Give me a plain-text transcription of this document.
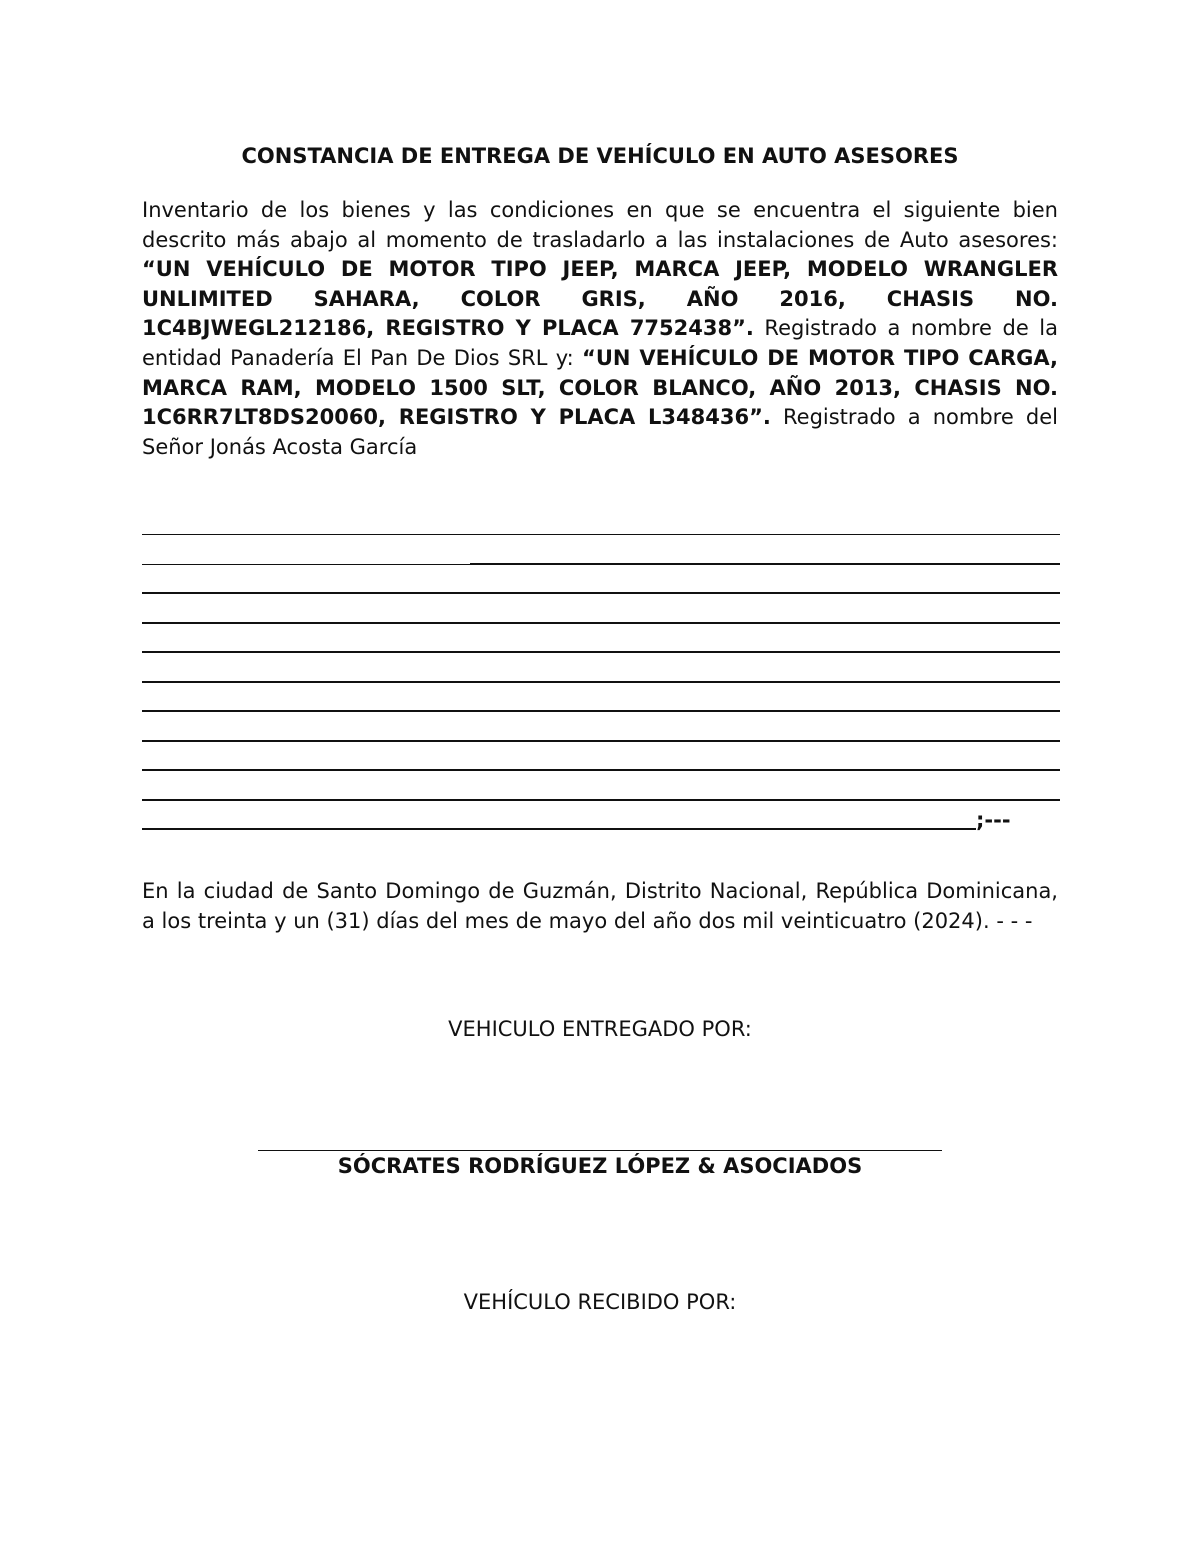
CONSTANCIA DE ENTREGA DE VEHÍCULO EN AUTO ASESORES
Inventario de los bienes y las condiciones en que se encuentra el siguiente bien descrito más abajo al momento de trasladarlo a las instalaciones de Auto asesores: “UN VEHÍCULO DE MOTOR TIPO JEEP, MARCA JEEP, MODELO WRANGLER UNLIMITED SAHARA, COLOR GRIS, AÑO 2016, CHASIS NO. 1C4BJWEGL212186, REGISTRO Y PLACA 7752438”. Registrado a nombre de la entidad Panadería El Pan De Dios SRL y: “UN VEHÍCULO DE MOTOR TIPO CARGA, MARCA RAM, MODELO 1500 SLT, COLOR BLANCO, AÑO 2013, CHASIS NO. 1C6RR7LT8DS20060, REGISTRO Y PLACA L348436”. Registrado a nombre del Señor Jonás Acosta García
;---
En la ciudad de Santo Domingo de Guzmán, Distrito Nacional, República Dominicana, a los treinta y un (31) días del mes de mayo del año dos mil veinticuatro (2024). - - -
VEHICULO ENTREGADO POR:
SÓCRATES RODRÍGUEZ LÓPEZ & ASOCIADOS
VEHÍCULO RECIBIDO POR:
